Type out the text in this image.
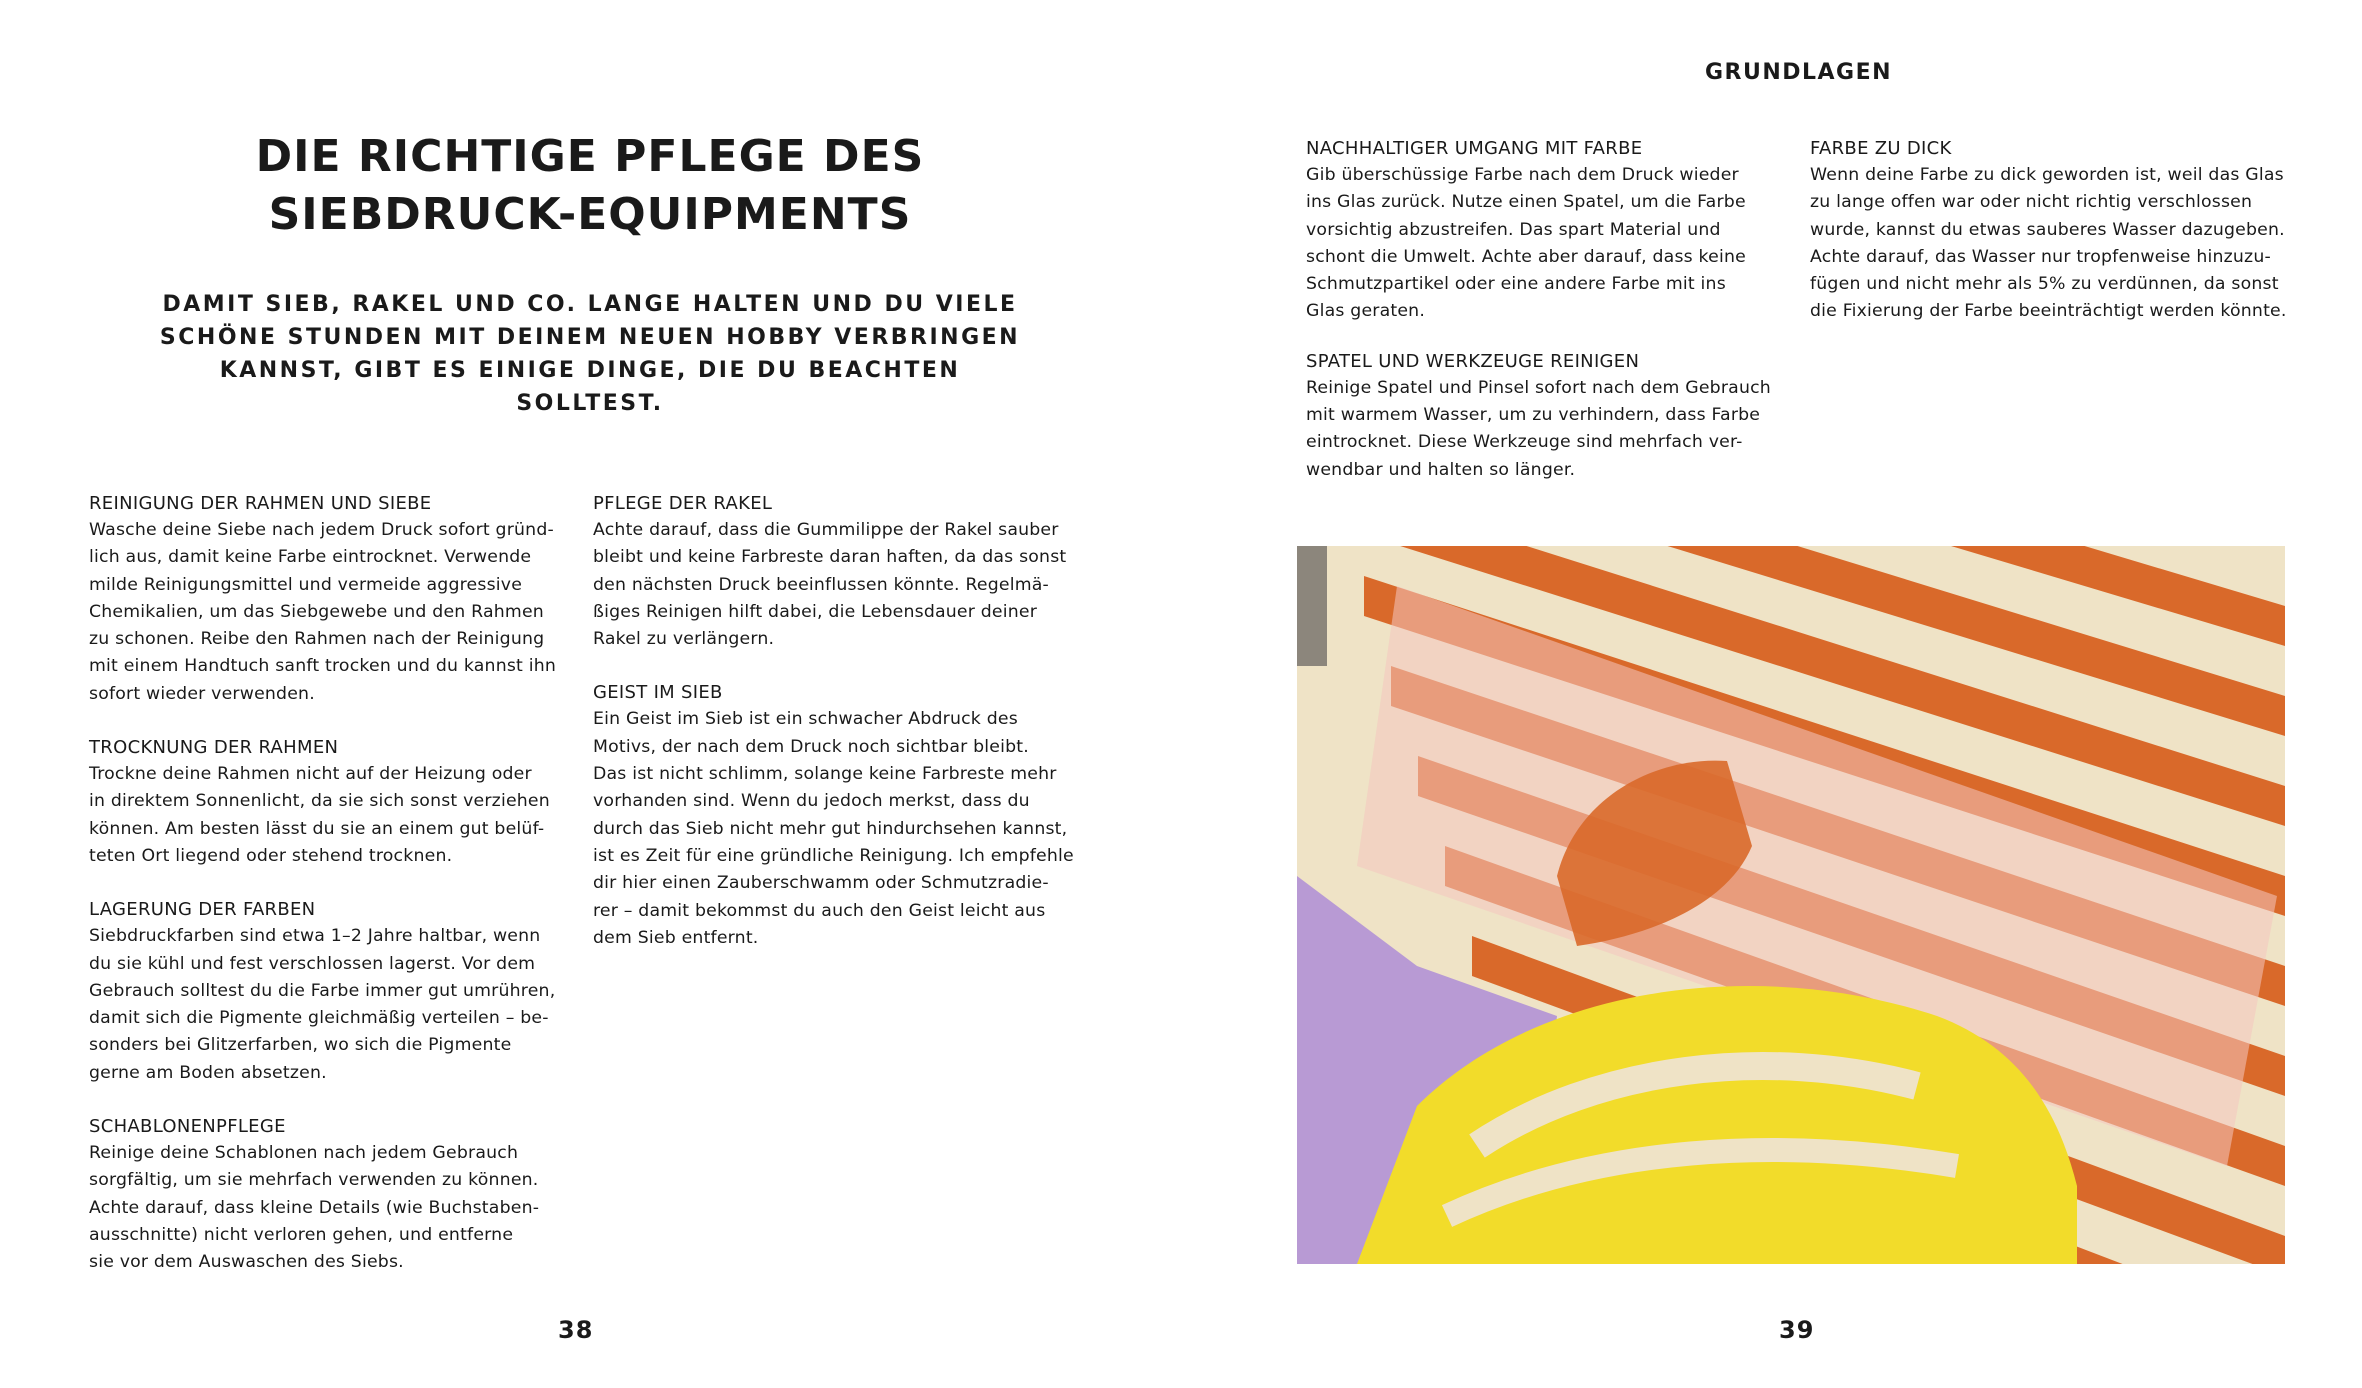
DIE RICHTIGE PFLEGE DES
SIEBDRUCK-EQUIPMENTS

DAMIT SIEB, RAKEL UND CO. LANGE HALTEN UND DU VIELE
SCHÖNE STUNDEN MIT DEINEM NEUEN HOBBY VERBRINGEN
KANNST, GIBT ES EINIGE DINGE, DIE DU BEACHTEN SOLLTEST.

REINIGUNG DER RAHMEN UND SIEBE

Wasche deine Siebe nach jedem Druck sofort gründ-
lich aus, damit keine Farbe eintrocknet. Verwende
milde Reinigungsmittel und vermeide aggressive
Chemikalien, um das Siebgewebe und den Rahmen
zu schonen. Reibe den Rahmen nach der Reinigung
mit einem Handtuch sanft trocken und du kannst ihn
sofort wieder verwenden.

TROCKNUNG DER RAHMEN

Trockne deine Rahmen nicht auf der Heizung oder
in direktem Sonnenlicht, da sie sich sonst verziehen
können. Am besten lässt du sie an einem gut belüf-
teten Ort liegend oder stehend trocknen.

LAGERUNG DER FARBEN

Siebdruckfarben sind etwa 1–2 Jahre haltbar, wenn
du sie kühl und fest verschlossen lagerst. Vor dem
Gebrauch solltest du die Farbe immer gut umrühren,
damit sich die Pigmente gleichmäßig verteilen – be-
sonders bei Glitzerfarben, wo sich die Pigmente
gerne am Boden absetzen.

SCHABLONENPFLEGE

Reinige deine Schablonen nach jedem Gebrauch
sorgfältig, um sie mehrfach verwenden zu können.
Achte darauf, dass kleine Details (wie Buchstaben-
ausschnitte) nicht verloren gehen, und entferne
sie vor dem Auswaschen des Siebs.

PFLEGE DER RAKEL

Achte darauf, dass die Gummilippe der Rakel sauber
bleibt und keine Farbreste daran haften, da das sonst
den nächsten Druck beeinflussen könnte. Regelmä-
ßiges Reinigen hilft dabei, die Lebensdauer deiner
Rakel zu verlängern.

GEIST IM SIEB

Ein Geist im Sieb ist ein schwacher Abdruck des
Motivs, der nach dem Druck noch sichtbar bleibt.
Das ist nicht schlimm, solange keine Farbreste mehr
vorhanden sind. Wenn du jedoch merkst, dass du
durch das Sieb nicht mehr gut hindurchsehen kannst,
ist es Zeit für eine gründliche Reinigung. Ich empfehle
dir hier einen Zauberschwamm oder Schmutzradie-
rer – damit bekommst du auch den Geist leicht aus
dem Sieb entfernt.

38
GRUNDLAGEN
NACHHALTIGER UMGANG MIT FARBE

Gib überschüssige Farbe nach dem Druck wieder
ins Glas zurück. Nutze einen Spatel, um die Farbe
vorsichtig abzustreifen. Das spart Material und
schont die Umwelt. Achte aber darauf, dass keine
Schmutzpartikel oder eine andere Farbe mit ins
Glas geraten.

SPATEL UND WERKZEUGE REINIGEN

Reinige Spatel und Pinsel sofort nach dem Gebrauch
mit warmem Wasser, um zu verhindern, dass Farbe
eintrocknet. Diese Werkzeuge sind mehrfach ver-
wendbar und halten so länger.

FARBE ZU DICK

Wenn deine Farbe zu dick geworden ist, weil das Glas
zu lange offen war oder nicht richtig verschlossen
wurde, kannst du etwas sauberes Wasser dazugeben.
Achte darauf, das Wasser nur tropfenweise hinzuzu-
fügen und nicht mehr als 5% zu verdünnen, da sonst
die Fixierung der Farbe beeinträchtigt werden könnte.

39
